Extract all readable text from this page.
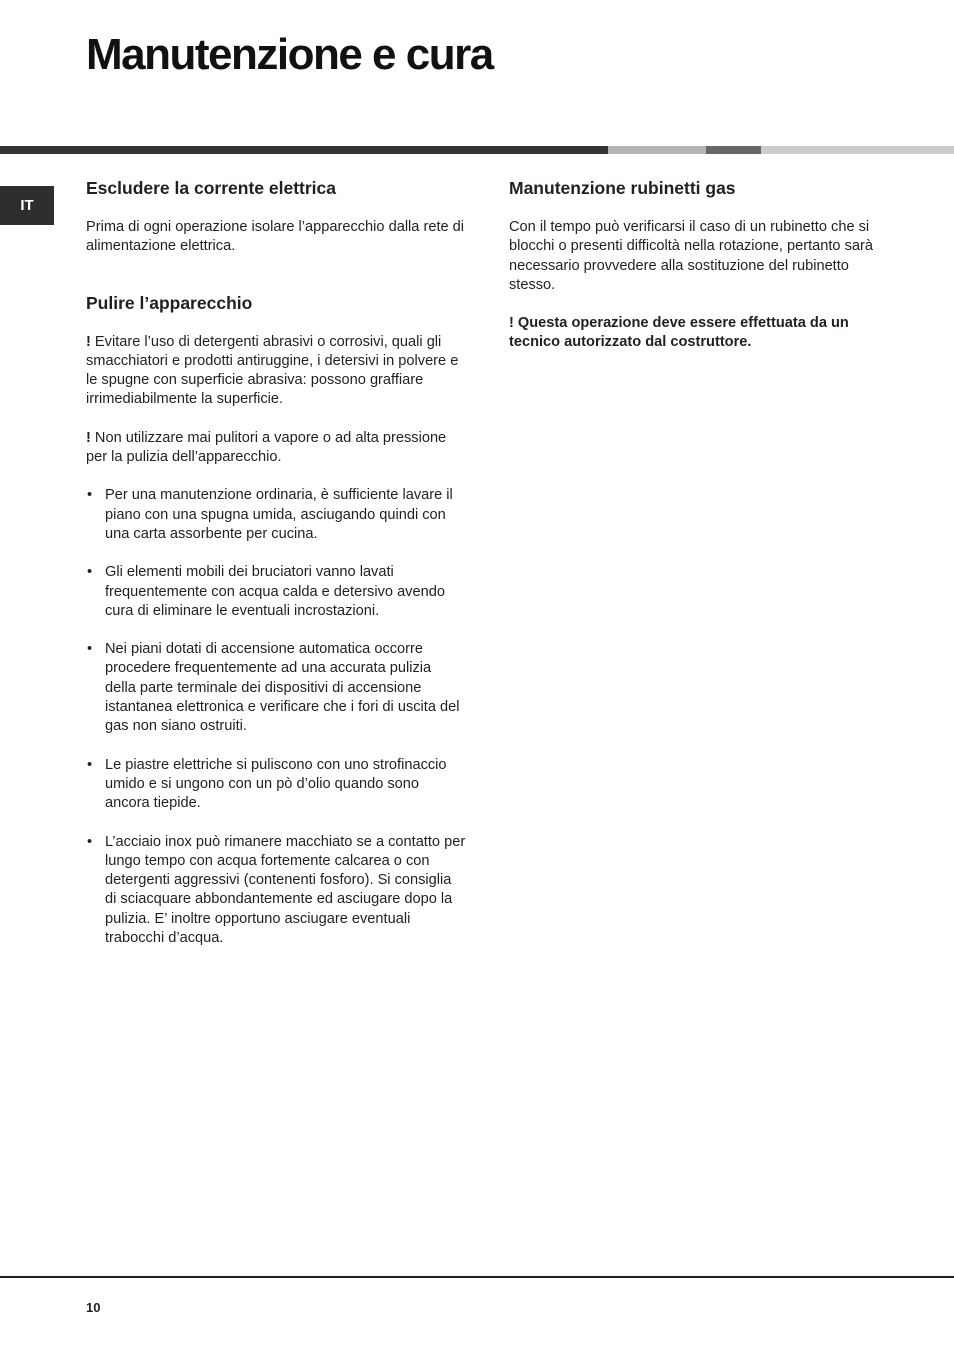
Manutenzione e cura
IT
Escludere la corrente elettrica

Prima di ogni operazione isolare l’apparecchio dalla rete di alimentazione elettrica.

Pulire l’apparecchio

! Evitare l’uso di detergenti abrasivi o corrosivi, quali gli smacchiatori e prodotti antiruggine, i detersivi in polvere e le spugne con superficie abrasiva: possono graffiare irrimediabilmente la superficie.

! Non utilizzare mai pulitori a vapore o ad alta pressione per la pulizia dell’apparecchio.

• Per una manutenzione ordinaria, è sufficiente lavare il piano con una spugna umida, asciugando quindi con una carta assorbente per cucina.
• Gli elementi mobili dei bruciatori vanno lavati frequentemente con acqua calda e detersivo avendo cura di eliminare le eventuali incrostazioni.
• Nei piani dotati di accensione automatica occorre procedere frequentemente ad una accurata pulizia della parte terminale dei dispositivi di accensione istantanea elettronica e verificare che i fori di uscita del gas non siano ostruiti.
• Le piastre elettriche si puliscono con uno strofinaccio umido e si ungono con un pò d’olio quando sono ancora tiepide.
• L’acciaio inox può rimanere macchiato se a contatto per lungo tempo con acqua fortemente calcarea o con detergenti aggressivi (contenenti fosforo). Si consiglia di sciacquare abbondantemente ed asciugare dopo la pulizia. E’ inoltre opportuno asciugare eventuali trabocchi d’acqua.
Manutenzione rubinetti gas

Con il tempo può verificarsi il caso di un rubinetto che si blocchi o presenti difficoltà nella rotazione, pertanto sarà necessario provvedere alla sostituzione del rubinetto stesso.

! Questa operazione deve essere effettuata da un tecnico autorizzato dal costruttore.

10
